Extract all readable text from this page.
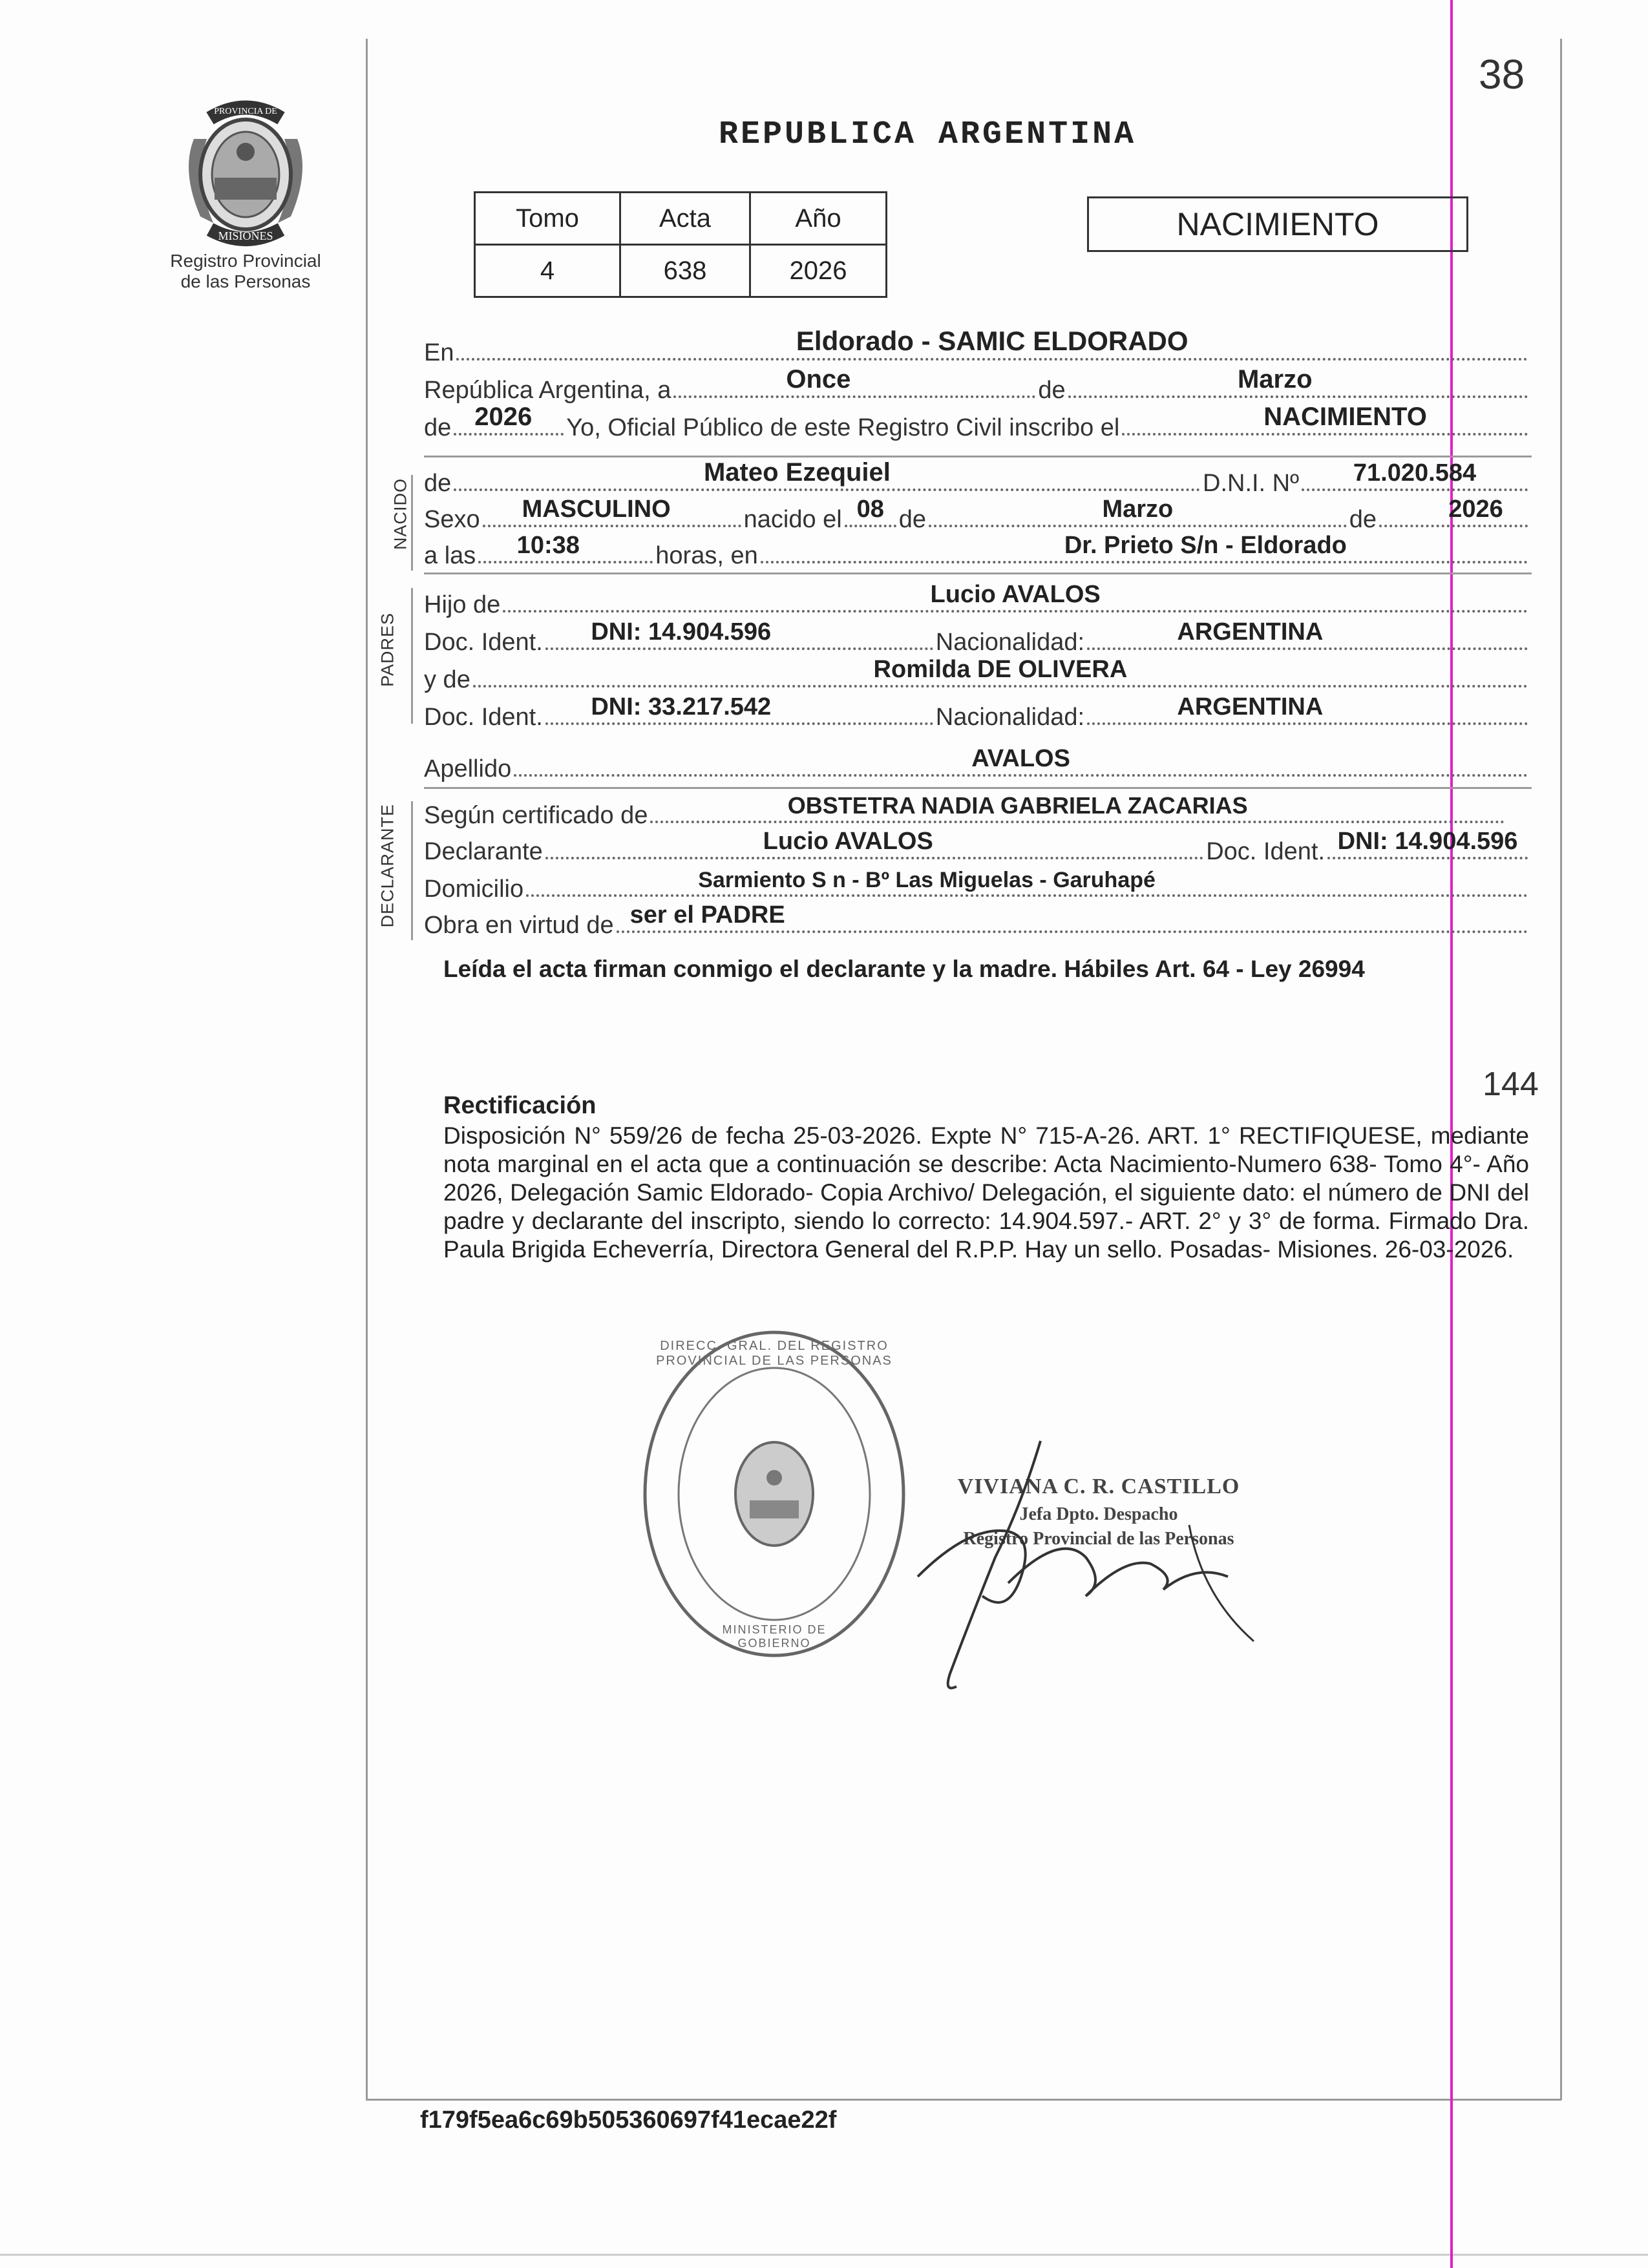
38
PROVINCIA DE
MISIONES
Registro Provincial
de las Personas
REPUBLICA ARGENTINA
Tomo	Acta	Año
4	638	2026
NACIMIENTO
En	Eldorado - SAMIC ELDORADO
República Argentina, a	Once	de	Marzo
de 2026 Yo, Oficial Público de este Registro Civil inscribo el	NACIMIENTO
NACIDO de	Mateo Ezequiel	D.N.I. Nº 71.020.584
Sexo MASCULINO	nacido el 08 de	Marzo	de	2026
a las 10:38	horas, en	Dr. Prieto S/n - Eldorado
PADRES
Hijo de	Lucio AVALOS
Doc. Ident. DNI: 14.904.596	Nacionalidad:	ARGENTINA
y de	Romilda DE OLIVERA
Doc. Ident. DNI: 33.217.542	Nacionalidad:	ARGENTINA
Apellido	AVALOS
DECLARANTE Según certificado de	OBSTETRA NADIA GABRIELA ZACARIAS
Declarante	Lucio AVALOS	Doc. Ident. DNI: 14.904.596
Domicilio	Sarmiento S n - Bº Las Miguelas - Garuhapé
Obra en virtud de ser el PADRE
Leída el acta firman conmigo el declarante y la madre. Hábiles Art. 64 - Ley 26994
144
Rectificación
Disposición N° 559/26 de fecha 25-03-2026. Expte N° 715-A-26. ART. 1° RECTIFIQUESE, mediante nota marginal en el acta que a continuación se describe: Acta Nacimiento-Numero 638- Tomo 4°- Año 2026, Delegación Samic Eldorado- Copia Archivo/ Delegación, el siguiente dato: el número de DNI del padre y declarante del inscripto, siendo lo correcto: 14.904.597.- ART. 2° y 3° de forma. Firmado Dra. Paula Brigida Echeverría, Directora General del R.P.P. Hay un sello. Posadas- Misiones. 26-03-2026.
DIRECC. GRAL. DEL REGISTRO PROVINCIAL DE LAS PERSONAS
MINISTERIO DE GOBIERNO
VIVIANA C. R. CASTILLO
Jefa Dpto. Despacho
Registro Provincial de las Personas
f179f5ea6c69b505360697f41ecae22f
